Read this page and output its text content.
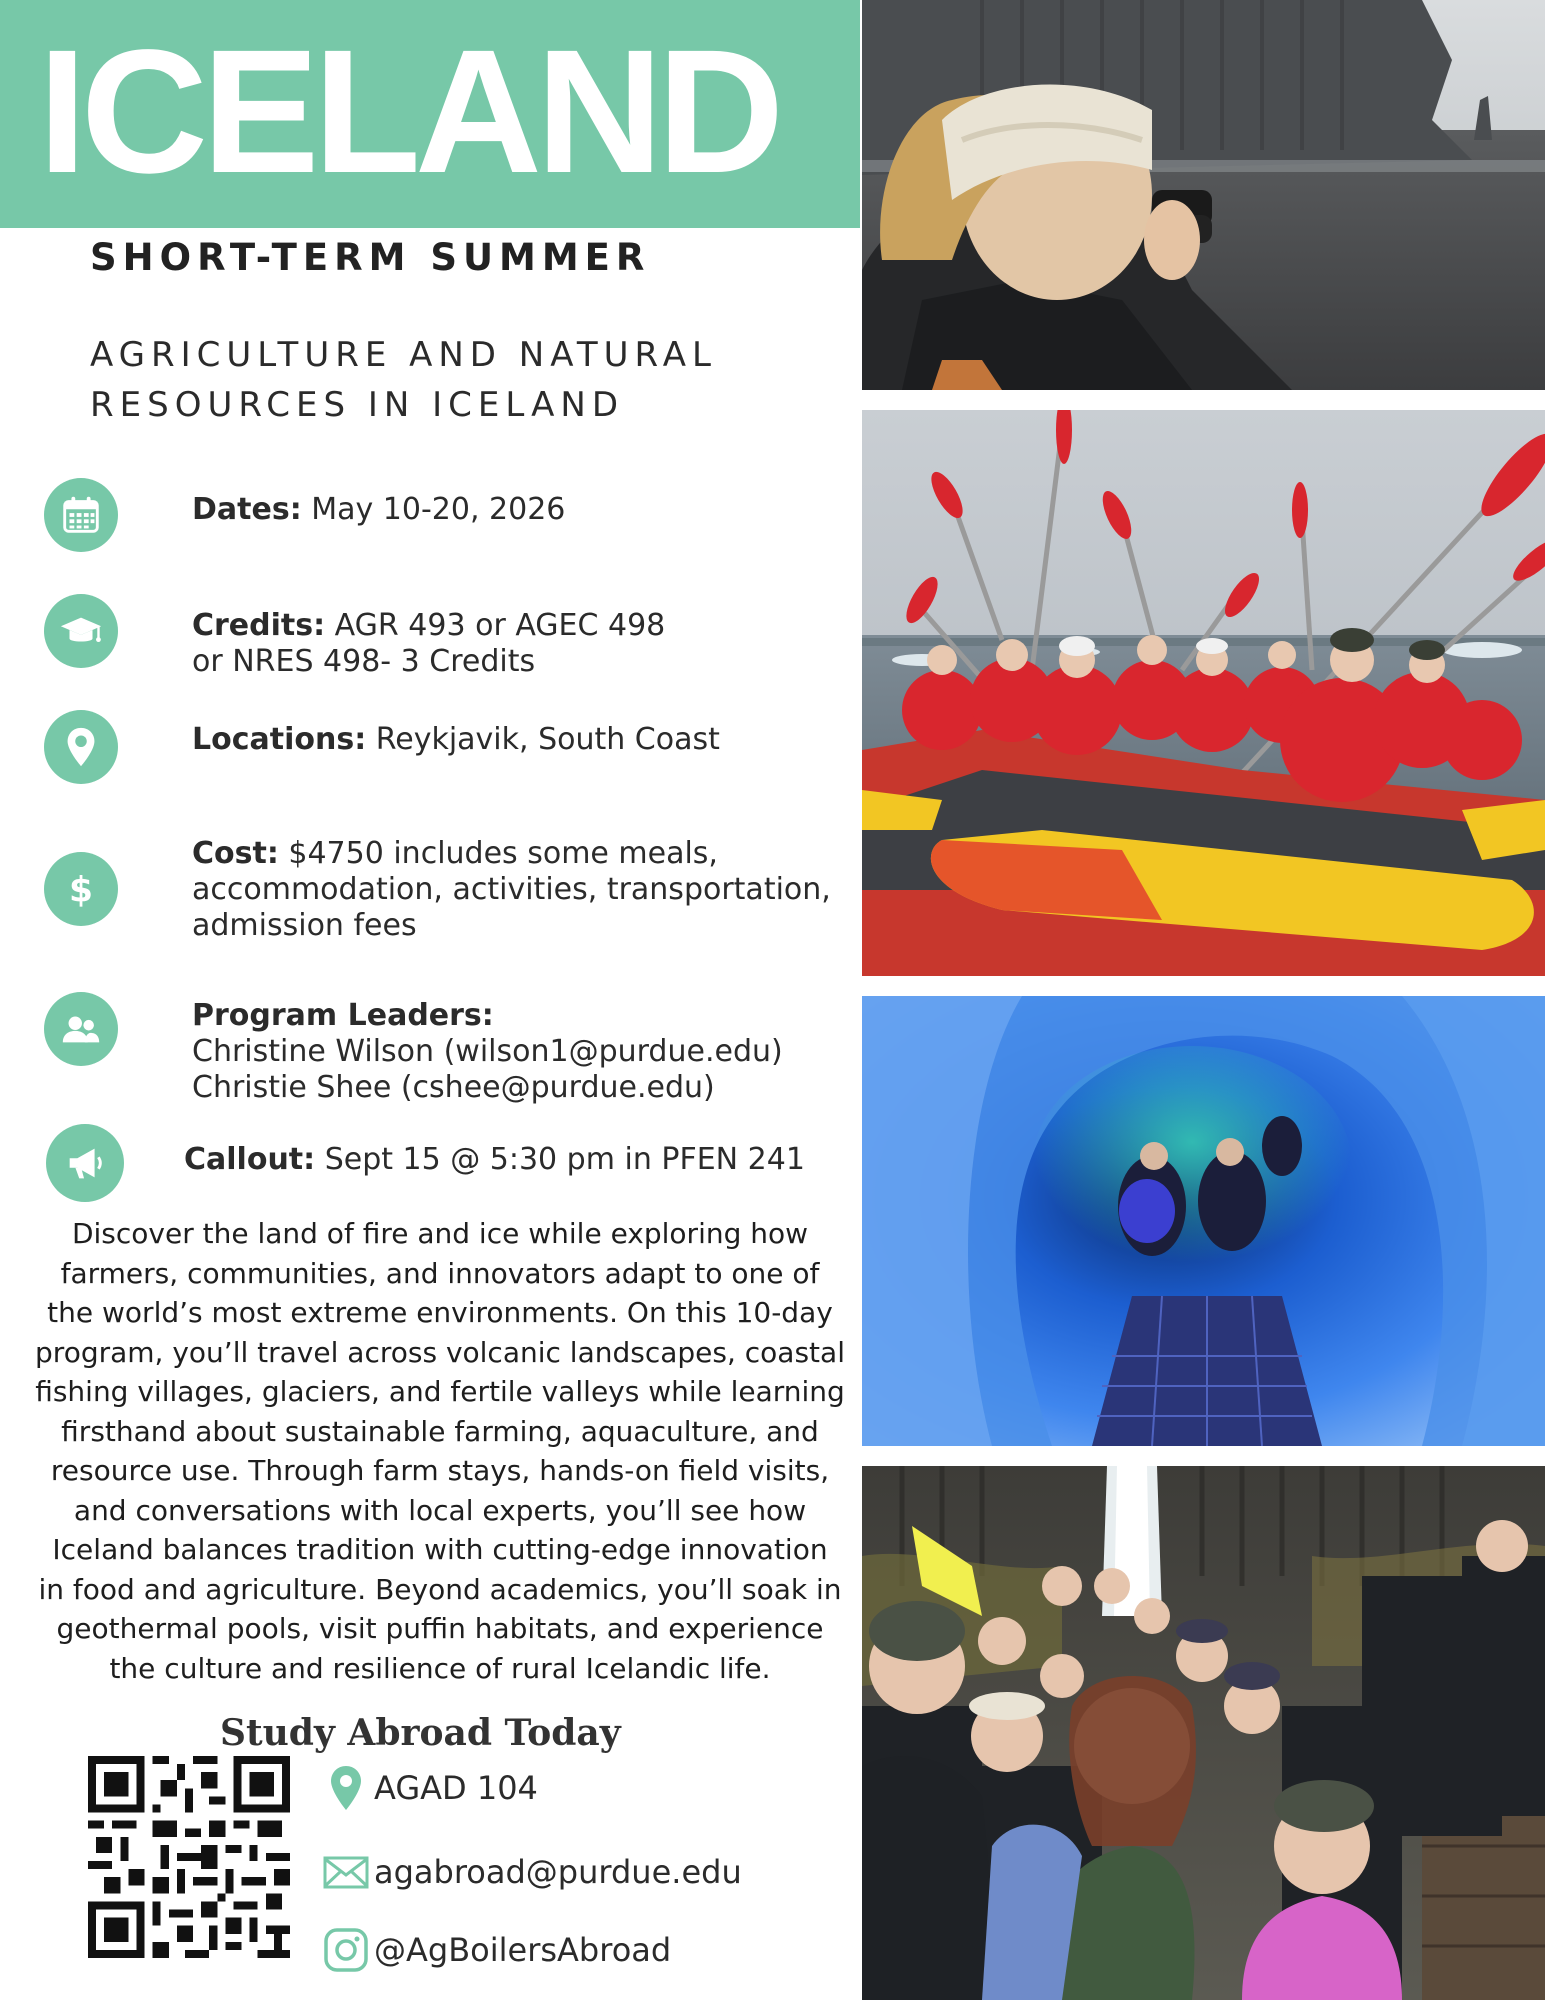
ICELAND
SHORT-TERM SUMMER
AGRICULTURE AND NATURAL
RESOURCES IN ICELAND
Dates: May 10-20, 2026
Credits: AGR 493 or AGEC 498
or NRES 498- 3 Credits
Locations: Reykjavik, South Coast
$
Cost: $4750 includes some meals,
accommodation, activities, transportation,
admission fees
Program Leaders:
Christine Wilson (wilson1@purdue.edu)
Christie Shee (cshee@purdue.edu)
Callout: Sept 15 @ 5:30 pm in PFEN 241
Discover the land of fire and ice while exploring how
farmers, communities, and innovators adapt to one of
the world’s most extreme environments. On this 10-day
program, you’ll travel across volcanic landscapes, coastal
fishing villages, glaciers, and fertile valleys while learning
firsthand about sustainable farming, aquaculture, and
resource use. Through farm stays, hands-on field visits,
and conversations with local experts, you’ll see how
Iceland balances tradition with cutting-edge innovation
in food and agriculture. Beyond academics, you’ll soak in
geothermal pools, visit puffin habitats, and experience
the culture and resilience of rural Icelandic life.
Study Abroad Today
AGAD 104
agabroad@purdue.edu
@AgBoilersAbroad
